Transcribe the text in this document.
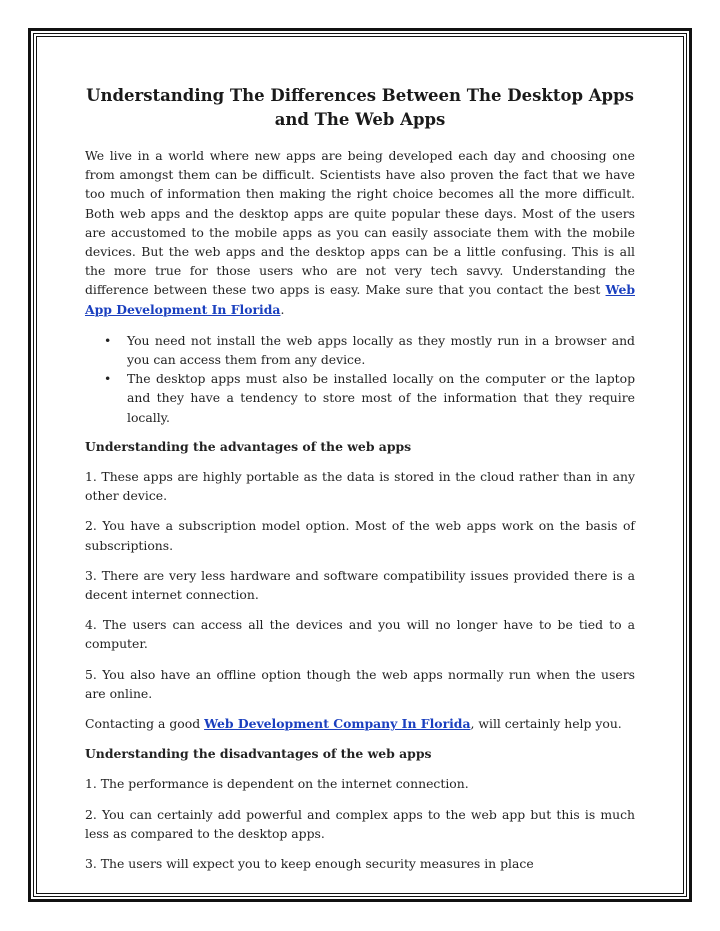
Understanding The Differences Between The Desktop Apps and The Web Apps

We live in a world where new apps are being developed each day and choosing one from amongst them can be difficult. Scientists have also proven the fact that we have too much of information then making the right choice becomes all the more difficult. Both web apps and the desktop apps are quite popular these days. Most of the users are accustomed to the mobile apps as you can easily associate them with the mobile devices. But the web apps and the desktop apps can be a little confusing. This is all the more true for those users who are not very tech savvy. Understanding the difference between these two apps is easy. Make sure that you contact the best Web App Development In Florida.

• You need not install the web apps locally as they mostly run in a browser and you can access them from any device.
• The desktop apps must also be installed locally on the computer or the laptop and they have a tendency to store most of the information that they require locally.

Understanding the advantages of the web apps

1. These apps are highly portable as the data is stored in the cloud rather than in any other device.

2. You have a subscription model option. Most of the web apps work on the basis of subscriptions.

3. There are very less hardware and software compatibility issues provided there is a decent internet connection.

4. The users can access all the devices and you will no longer have to be tied to a computer.

5. You also have an offline option though the web apps normally run when the users are online.

Contacting a good Web Development Company In Florida, will certainly help you.

Understanding the disadvantages of the web apps

1. The performance is dependent on the internet connection.

2. You can certainly add powerful and complex apps to the web app but this is much less as compared to the desktop apps.

3. The users will expect you to keep enough security measures in place
